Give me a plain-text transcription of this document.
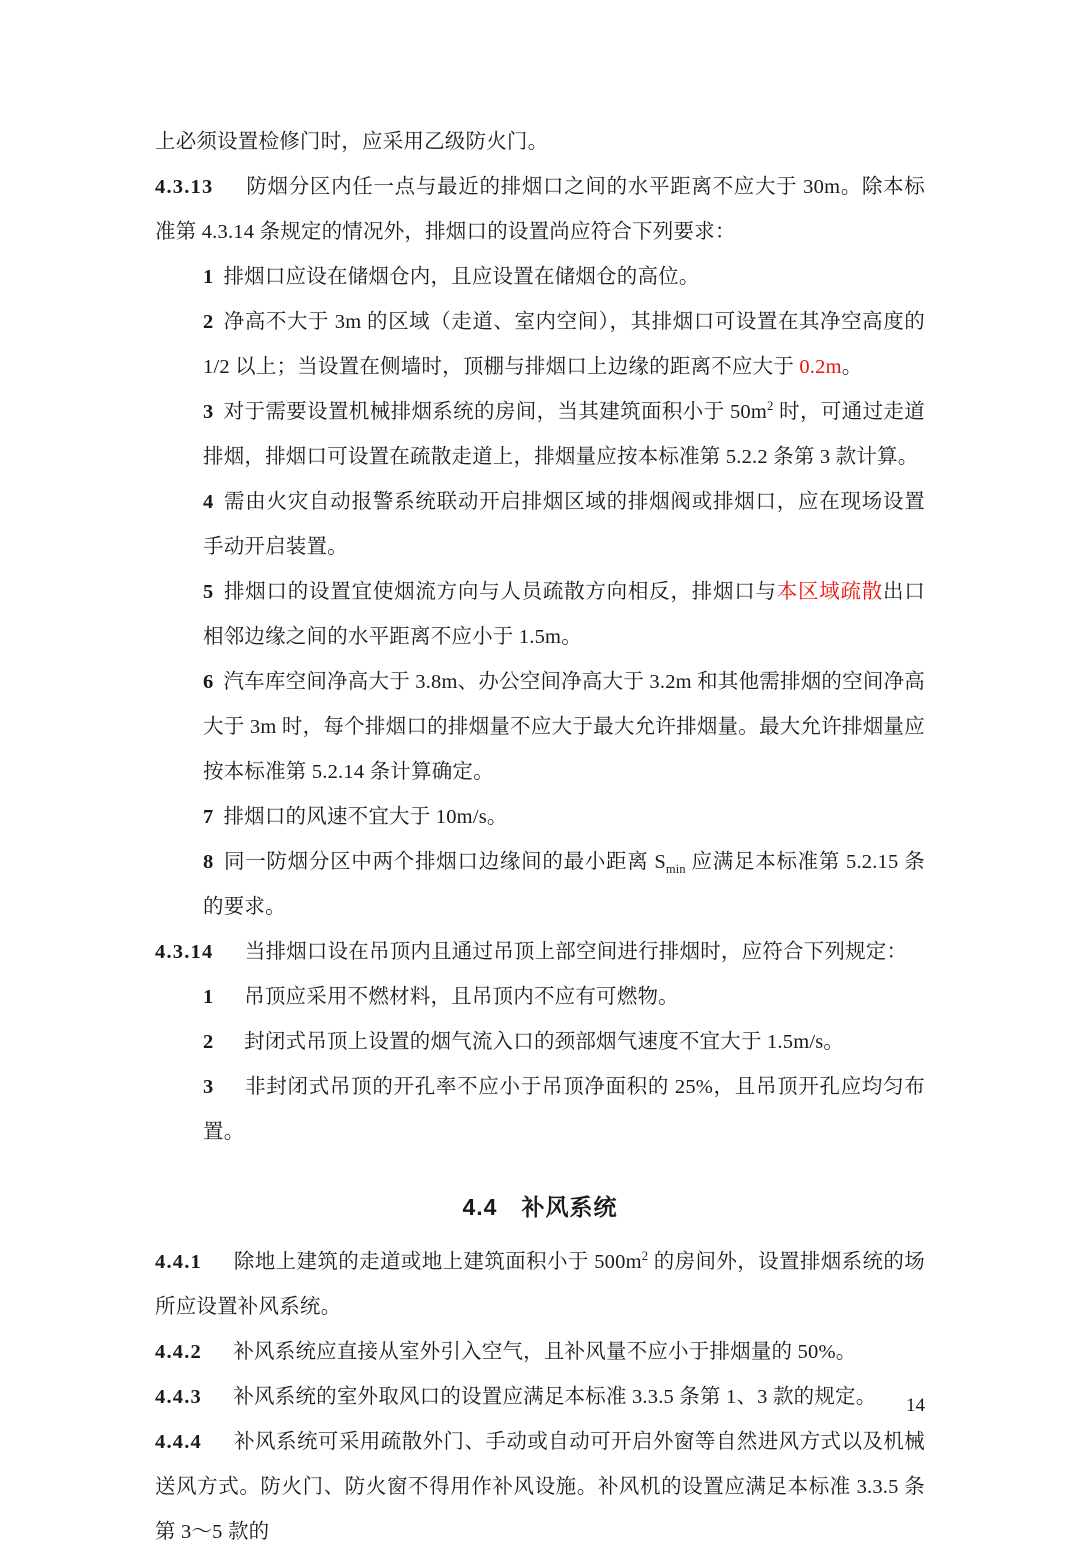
上必须设置检修门时，应采用乙级防火门。

4.3.13 　 防烟分区内任一点与最近的排烟口之间的水平距离不应大于 30m。除本标准第 4.3.14 条规定的情况外，排烟口的设置尚应符合下列要求：

1 排烟口应设在储烟仓内，且应设置在储烟仓的高位。

2 净高不大于 3m 的区域（走道、室内空间），其排烟口可设置在其净空高度的 1/2 以上；当设置在侧墙时，顶棚与排烟口上边缘的距离不应大于 0.2m。

3 对于需要设置机械排烟系统的房间，当其建筑面积小于 $50m^2$ 时，可通过走道排烟，排烟口可设置在疏散走道上，排烟量应按本标准第 5.2.2 条第 3 款计算。

4 需由火灾自动报警系统联动开启排烟区域的排烟阀或排烟口，应在现场设置手动开启装置。

5 排烟口的设置宜使烟流方向与人员疏散方向相反，排烟口与本区域疏散出口相邻边缘之间的水平距离不应小于 1.5m。

6 汽车库空间净高大于 3.8m、办公空间净高大于 3.2m 和其他需排烟的空间净高大于 3m 时，每个排烟口的排烟量不应大于最大允许排烟量。最大允许排烟量应按本标准第 5.2.14 条计算确定。

7 排烟口的风速不宜大于 10m/s。

8 同一防烟分区中两个排烟口边缘间的最小距离 $S_{min}$ 应满足本标准第 5.2.15 条的要求。

4.3.14 　 当排烟口设在吊顶内且通过吊顶上部空间进行排烟时，应符合下列规定：

1　 吊顶应采用不燃材料，且吊顶内不应有可燃物。

2　 封闭式吊顶上设置的烟气流入口的颈部烟气速度不宜大于 1.5m/s。

3　 非封闭式吊顶的开孔率不应小于吊顶净面积的 25%，且吊顶开孔应均匀布置。

4.4　补风系统

4.4.1 　 除地上建筑的走道或地上建筑面积小于 $500m^2$ 的房间外，设置排烟系统的场所应设置补风系统。

4.4.2 　 补风系统应直接从室外引入空气，且补风量不应小于排烟量的 50%。

4.4.3 　 补风系统的室外取风口的设置应满足本标准 3.3.5 条第 1、3 款的规定。

4.4.4 　 补风系统可采用疏散外门、手动或自动可开启外窗等自然进风方式以及机械送风方式。防火门、防火窗不得用作补风设施。补风机的设置应满足本标准 3.3.5 条第 3～5 款的

14
